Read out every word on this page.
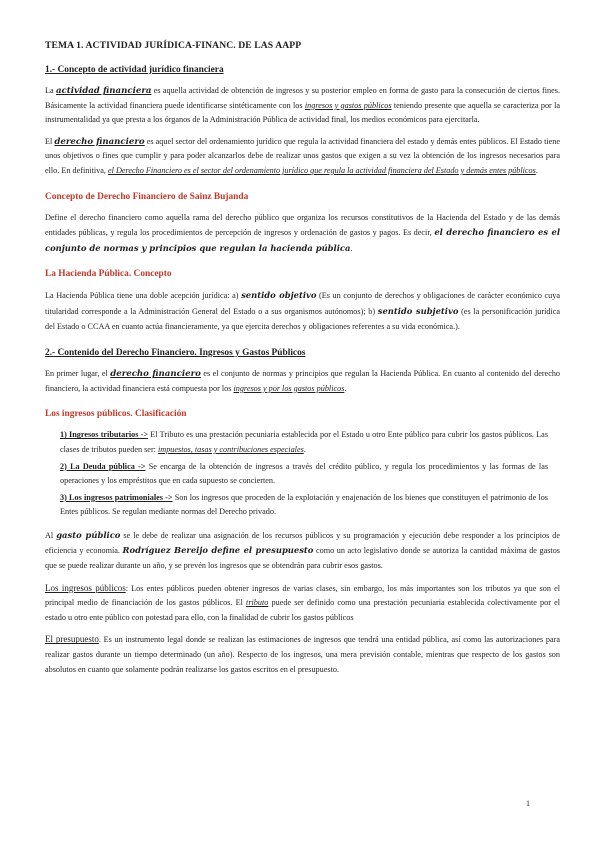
TEMA 1. ACTIVIDAD JURÍDICA-FINANC. DE LAS AAPP
1.- Concepto de actividad jurídico financiera

La actividad financiera es aquella actividad de obtención de ingresos y su posterior empleo en forma de gasto para la consecución de ciertos fines. Básicamente la actividad financiera puede identificarse sintéticamente con los ingresos y gastos públicos teniendo presente que aquella se caracteriza por la instrumentalidad ya que presta a los órganos de la Administración Pública de actividad final, los medios económicos para ejercitarla.

El derecho financiero es aquel sector del ordenamiento jurídico que regula la actividad financiera del estado y demás entes públicos. El Estado tiene unos objetivos o fines que cumplir y para poder alcanzarlos debe de realizar unos gastos que exigen a su vez la obtención de los ingresos necesarios para ello. En definitiva, el Derecho Financiero es el sector del ordenamiento jurídico que regula la actividad financiera del Estado y demás entes públicos.

Concepto de Derecho Financiero de Sainz Bujanda

Define el derecho financiero como aquella rama del derecho público que organiza los recursos constitutivos de la Hacienda del Estado y de las demás entidades públicas, y regula los procedimientos de percepción de ingresos y ordenación de gastos y pagos. Es decir, el derecho financiero es el conjunto de normas y principios que regulan la hacienda pública.

La Hacienda Pública. Concepto

La Hacienda Pública tiene una doble acepción jurídica: a) sentido objetivo (Es un conjunto de derechos y obligaciones de carácter económico cuya titularidad corresponde a la Administración General del Estado o a sus organismos autónomos); b) sentido subjetivo (es la personificación jurídica del Estado o CCAA en cuanto actúa financieramente, ya que ejercita derechos y obligaciones referentes a su vida económica.).

2.- Contenido del Derecho Financiero. Ingresos y Gastos Públicos

En primer lugar, el derecho financiero es el conjunto de normas y principios que regulan la Hacienda Pública. En cuanto al contenido del derecho financiero, la actividad financiera está compuesta por los ingresos y por los gastos públicos.

Los ingresos públicos. Clasificación

1) Ingresos tributarios -> El Tributo es una prestación pecuniaria establecida por el Estado u otro Ente público para cubrir los gastos públicos. Las clases de tributos pueden ser: impuestos, tasas y contribuciones especiales.

2) La Deuda pública -> Se encarga de la obtención de ingresos a través del crédito público, y regula los procedimientos y las formas de las operaciones y los empréstitos que en cada supuesto se concierten.

3) Los ingresos patrimoniales -> Son los ingresos que proceden de la explotación y enajenación de los bienes que constituyen el patrimonio de los Entes públicos. Se regulan mediante normas del Derecho privado.

Al gasto público se le debe de realizar una asignación de los recursos públicos y su programación y ejecución debe responder a los principios de eficiencia y economía. Rodríguez Bereijo define el presupuesto como un acto legislativo donde se autoriza la cantidad máxima de gastos que se puede realizar durante un año, y se prevén los ingresos que se obtendrán para cubrir esos gastos.

Los ingresos públicos: Los entes públicos pueden obtener ingresos de varias clases, sin embargo, los más importantes son los tributos ya que son el principal medio de financiación de los gastos públicos. El tributo puede ser definido como una prestación pecuniaria establecida colectivamente por el estado u otro ente público con potestad para ello, con la finalidad de cubrir los gastos públicos

El presupuesto. Es un instrumento legal donde se realizan las estimaciones de ingresos que tendrá una entidad pública, así como las autorizaciones para realizar gastos durante un tiempo determinado (un año). Respecto de los ingresos, una mera previsión contable, mientras que respecto de los gastos son absolutos en cuanto que solamente podrán realizarse los gastos escritos en el presupuesto.

1
